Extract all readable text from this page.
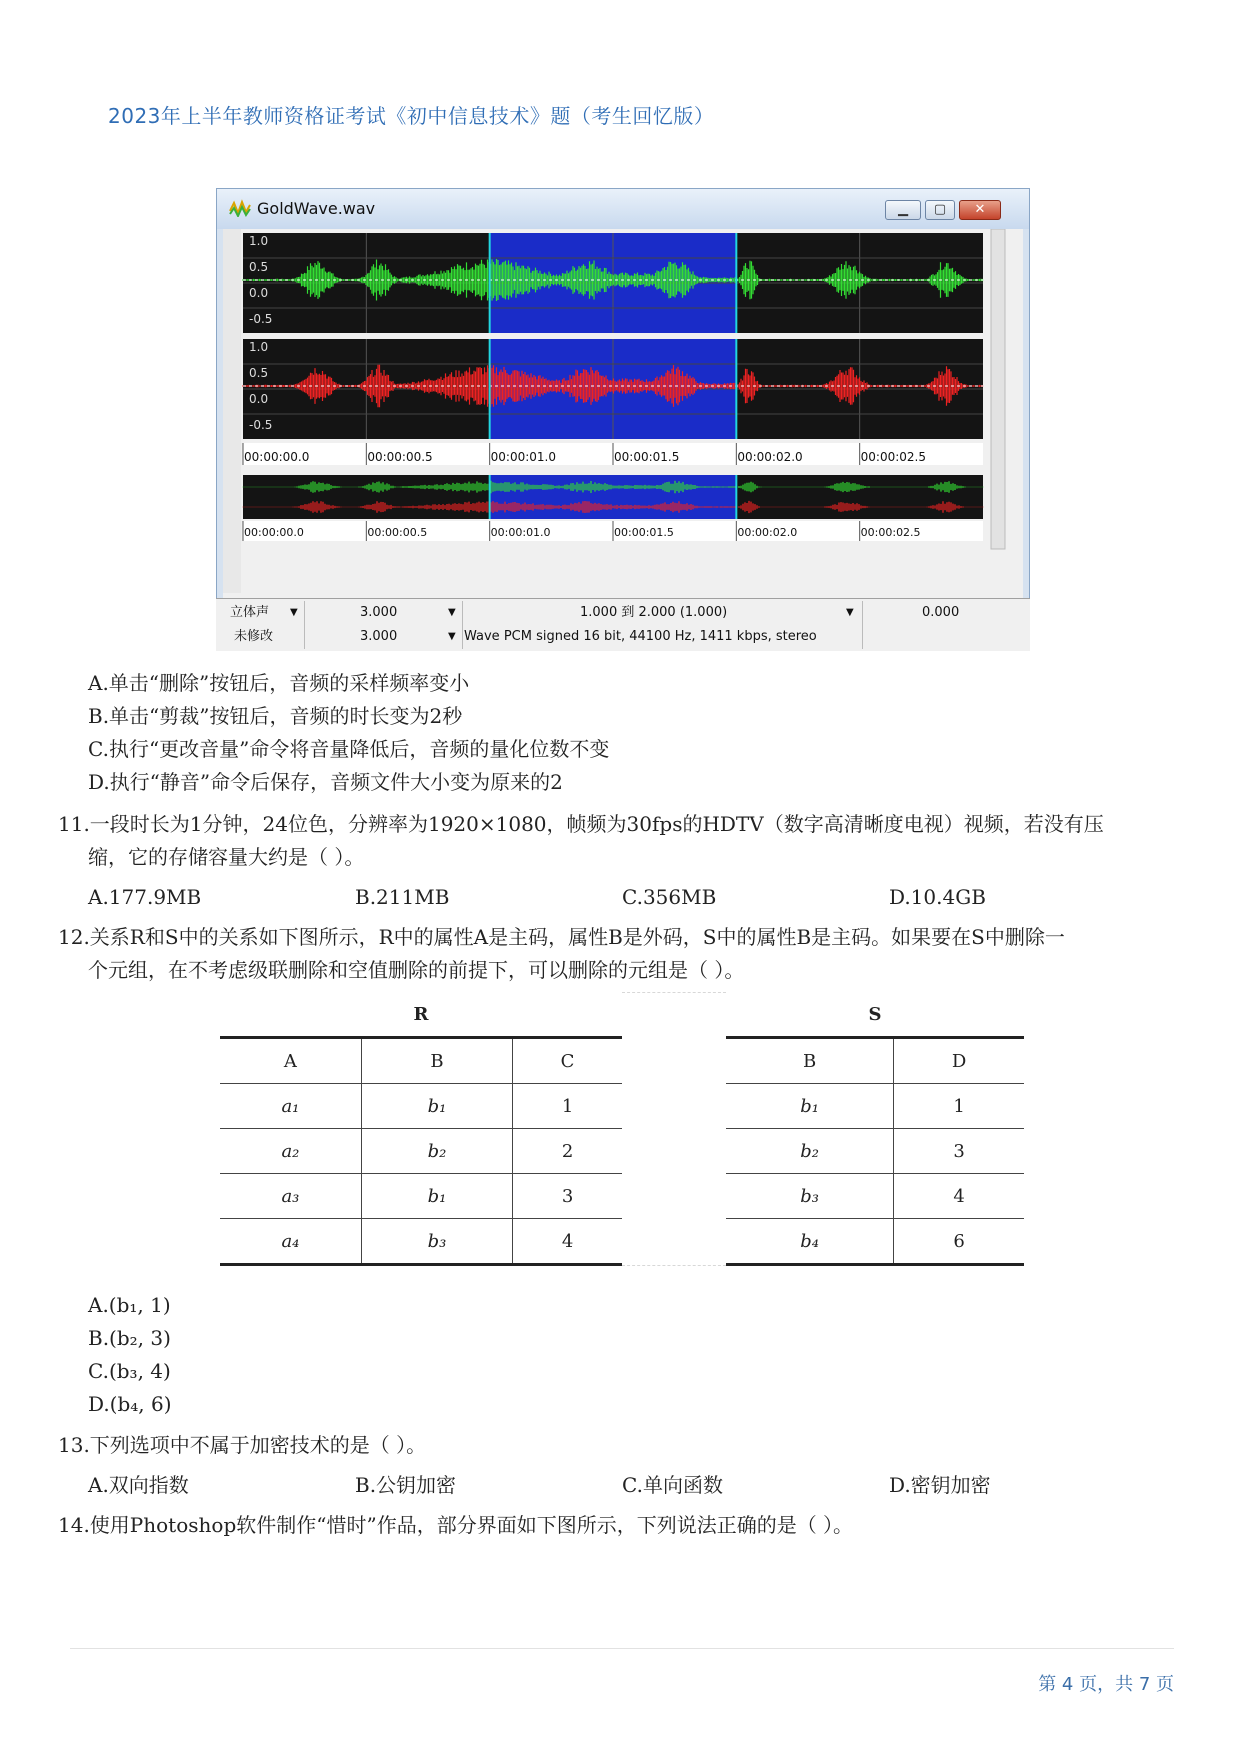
2023年上半年教师资格证考试《初中信息技术》题（考生回忆版）
GoldWave.wav	▁	▢	✕
1.0
0.5
0.0
-0.5
1.0
0.5
0.0
-0.5
00:00:00.0	00:00:00.5	00:00:01.0	00:00:01.5	00:00:02.0	00:00:02.5
00:00:00.0	00:00:00.5	00:00:01.0	00:00:01.5	00:00:02.0	00:00:02.5
立体声 ▼	3.000	▼	1.000 到 2.000 (1.000)	▼	0.000
未修改	3.000	▼ Wave PCM signed 16 bit, 44100 Hz, 1411 kbps, stereo
A.单击“删除”按钮后，音频的采样频率变小
B.单击“剪裁”按钮后，音频的时长变为2秒
C.执行“更改音量”命令将音量降低后，音频的量化位数不变
D.执行“静音”命令后保存，音频文件大小变为原来的2
11.一段时长为1分钟，24位色，分辨率为1920×1080，帧频为30fps的HDTV（数字高清晰度电视）视频，若没有压
缩，它的存储容量大约是（ ）。
A.177.9MB	B.211MB	C.356MB	D.10.4GB
12.关系R和S中的关系如下图所示，R中的属性A是主码，属性B是外码，S中的属性B是主码。如果要在S中删除一
个元组，在不考虑级联删除和空值删除的前提下，可以删除的元组是（ ）。
R		
A	B	C
a₁	b₁	1
a₂	b₂	2
a₃	b₁	3
a₄	b₃	4
S	
B	D
b₁	1
b₂	3
b₃	4
b₄	6
A.(b₁, 1)
B.(b₂, 3)
C.(b₃, 4)
D.(b₄, 6)
13.下列选项中不属于加密技术的是（ ）。
A.双向指数	B.公钥加密	C.单向函数	D.密钥加密
14.使用Photoshop软件制作“惜时”作品，部分界面如下图所示，下列说法正确的是（ ）。
第 4 页，共 7 页
